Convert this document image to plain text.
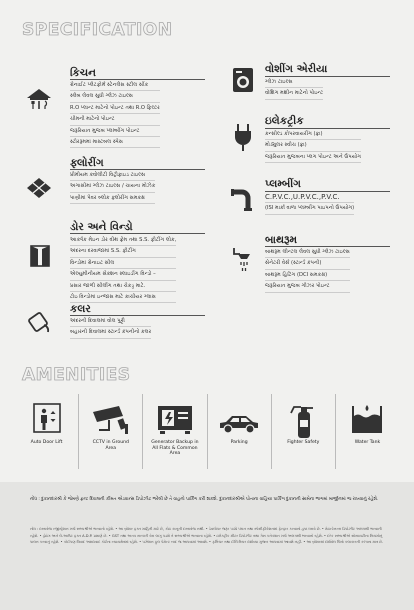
SPECIFICATION
કિચન
ગ્રેનાઈટ પ્લેટફોર્મ સ્ટેનલેસ સ્ટીલ સીંક
સ્લેબ લેવલ સુધી ગ્લેઝ ટાઇલ્સ
R.O પ્લાન્ટ માટેનો પોઇન્ટ તથા R.O ફિલ્ટર
ચીમની માટેનો પોઇન્ટ
જરૂરિયાત મુજબ પ્લમ્બીંગ પોઇન્ટ
સ્ટોરરૂમમાં માસ્ટબલ સ્પેસ
ફ્લોરીંગ
પ્રીમીયમ ક્વોલીટી વિટ્રીફાઇડ ટાઇલ્સ
અગાસીમાં ગ્લેઝ ટાઇલ્સ / ચાયના મોઝેક
પાણીમાં પેવર બ્લોક ફ્લોરીંગ સમકક્ષ
ડોર અને વિન્ડો
આકર્ષક મેઇન ડોર વીથ ફ્રેમ તથા S.S. ફીટીંગ લોક,
અંદરના દરવાજામાં S.S. ફીટીંગ
વિન્ડોમાં ગ્રેનાઇટ સીલ
એલ્યુમીનીયમ સેક્શન સ્લાઇડીંગ વિન્ડો –
પ્રસાર જાળી સીલીંગ તથા ચેકડ્ડ માટે.
ટોઇ વિન્ડોમાં ઇન્જાસ માટે કાચીયર ગ્લાસ
કલર
અંદરની દિવાલમાં વોલ પુટ્ટી
બહારની દિવાલમાં સ્ટાર્ન્ડ કંપનીનો કલર
વોશીંગ એરીયા
ગ્લેઝ ટાઇલ્સ
વોશિંગ મશીન માટેનો પોઇન્ટ
ઇલેકટ્રીક
કન્સીલ્ડ કોપરવાયરીંગ (ફ્રા)
મોડ્યુલર સ્વીચ (ફ્રા)
જરૂરિયાત મુજબના પ્લગ પોઇન્ટ અને ઉપયોગ
પ્લમ્બીંગ
C.P.V.C.,U.P.V.C.,P.V.C.
(ISI માર્કા વાળા પ્લમ્બીંગ પાઇપનો ઉપયોગ)
બાથરૂમ
બાથરૂમ લીન્ટલ લેવલ સુધી ગ્લેઝ ટાઇલ્સ
સેનેટરી વેર્સ (સ્ટાર્ન્ડ કંપની)
બાથરૂમ હિટિંગ (DCI સમકક્ષ)
જરૂરિયાત મુજબ ગીઝર પોઇન્ટ
AMENITIES
Auto Door Lift	CCTV in Ground Area
Generator Backup in All Flats & Common Area
Parking	Fighter Safety	Water Tank
નોંધ : દુકાનદારશ્રી કે જેમણે ફ્રન્ટ દિવાલની કીંમત એડવાન્સ ડિપોઝીટ ભરેલી છે તે વાહનો પાર્કિંગ કરી શકશે. દુકાનદારશ્રીએ પોતાના વાહિયા પાર્કિંગ દુકાનની સામેના ભાગમાં માર્જીનમાં જ રાખવાનું રહેશે.
નોંધ : દસ્તાવેજ રજીસ્ટ્રેશન ખર્ચ સભ્યશ્રીએ ભરવાનો રહેશે. • આ બ્રોશર ફક્ત માહિતી માટે છે, કોઇ કાનૂની દસ્તાવેજ નથી. • ડેવલોપર જરૂર પડ્યે પ્લાન તથા સ્પેસીફીકેશનમાં ફેરફાર કરવાનો હક્ક ધરાવે છે. • મેઇન્ટેનન્સ ડિપોઝીટ અલગથી ભરવાની રહેશે. • ડ્રોઇંગ અને લે-આઉટ ફક્ત A.D.P. પ્રમાણે છે. • GST તથા અન્ય સરકારી વેરા લાગુ પડશે તે સભ્યશ્રીએ ભરવાના રહેશે. • ઇલેક્ટ્રીક મીટર ડિપોઝીટ તથા ગેસ કનેક્શન ખર્ચ અલગથી ભરવાનો રહેશે. • દરેક સભ્યશ્રીએ સોસાયટીના નિયમોનું પાલન કરવાનું રહેશે. • કોઈપણ વિવાદ અમદાવાદ કોર્ટના ન્યાયક્ષેત્રમાં રહેશે. • પઝેશન ફુલ પેમેન્ટ બાદ જ આપવામાં આવશે. • ફર્નિચર તથા ઈન્ટિરિયર દર્શાવ્યા મુજબ આપવામાં આવશે નહીં. • આ બ્રોશરમાં દર્શાવેલ ચિત્રો કલાકારની કલ્પના માત્ર છે.
